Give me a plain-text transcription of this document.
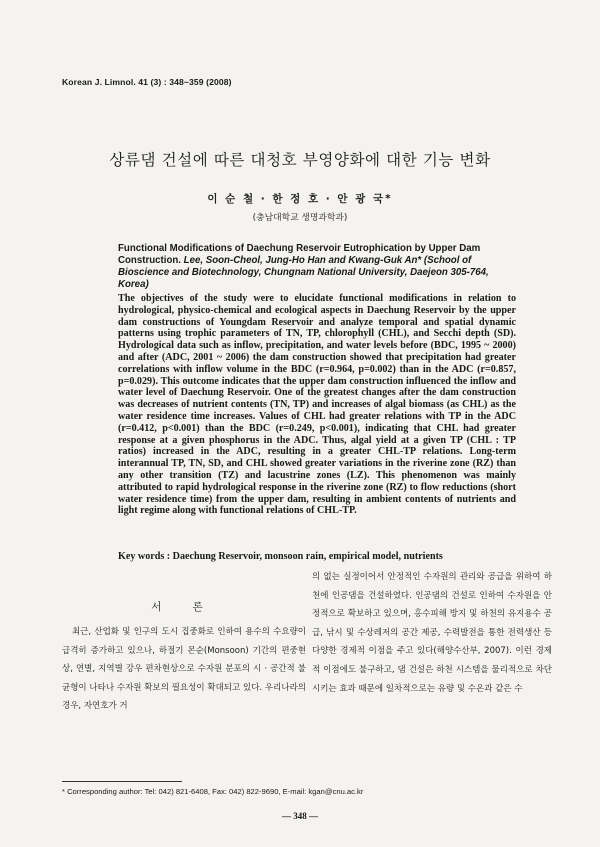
Korean J. Limnol. 41 (3) : 348~359 (2008)
상류댐 건설에 따른 대청호 부영양화에 대한 기능 변화
이 순 철 · 한 정 호 · 안 광 국*
(충남대학교 생명과학과)
Functional Modifications of Daechung Reservoir Eutrophication by Upper Dam Construction. Lee, Soon-Cheol, Jung-Ho Han and Kwang-Guk An* (School of Bioscience and Biotechnology, Chungnam National University, Daejeon 305-764, Korea)
The objectives of the study were to elucidate functional modifications in relation to hydrological, physico-chemical and ecological aspects in Daechung Reservoir by the upper dam constructions of Youngdam Reservoir and analyze temporal and spatial dynamic patterns using trophic parameters of TN, TP, chlorophyll (CHL), and Secchi depth (SD). Hydrological data such as inflow, precipitation, and water levels before (BDC, 1995 ~ 2000) and after (ADC, 2001 ~ 2006) the dam construction showed that precipitation had greater correlations with inflow volume in the BDC (r=0.964, p=0.002) than in the ADC (r=0.857, p=0.029). This outcome indicates that the upper dam construction influenced the inflow and water level of Daechung Reservoir. One of the greatest changes after the dam construction was decreases of nutrient contents (TN, TP) and increases of algal biomass (as CHL) as the water residence time increases. Values of CHL had greater relations with TP in the ADC (r=0.412, p<0.001) than the BDC (r=0.249, p<0.001), indicating that CHL had greater response at a given phosphorus in the ADC. Thus, algal yield at a given TP (CHL : TP ratios) increased in the ADC, resulting in a greater CHL-TP relations. Long-term interannual TP, TN, SD, and CHL showed greater variations in the riverine zone (RZ) than any other transition (TZ) and lacustrine zones (LZ). This phenomenon was mainly attributed to rapid hydrological response in the riverine zone (RZ) to flow reductions (short water residence time) from the upper dam, resulting in ambient contents of nutrients and light regime along with functional relations of CHL-TP.
Key words : Daechung Reservoir, monsoon rain, empirical model, nutrients
서 론

최근, 산업화 및 인구의 도시 집중화로 인하여 용수의 수요량이 급격히 증가하고 있으나, 하절기 몬순(Monsoon) 기간의 편중현상, 연별, 지역별 강우 편차현상으로 수자원 분포의 시 · 공간적 불균형이 나타나 수자원 확보의 필요성이 확대되고 있다. 우리나라의 경우, 자연호가 거

의 없는 실정이어서 안정적인 수자원의 관리와 공급을 위하여 하천에 인공댐을 건설하였다. 인공댐의 건설로 인하여 수자원을 안정적으로 확보하고 있으며, 홍수피해 방지 및 하천의 유지용수 공급, 낚시 및 수상레저의 공간 제공, 수력발전을 통한 전력생산 등 다양한 경제적 이점을 주고 있다(해양수산부, 2007). 이런 경제적 이점에도 불구하고, 댐 건설은 하천 시스템을 물리적으로 차단시키는 효과 때문에 일차적으로는 유량 및 수온과 같은 수

* Corresponding author: Tel: 042) 821-6408, Fax: 042) 822-9690, E-mail: kgan@cnu.ac.kr
— 348 —
